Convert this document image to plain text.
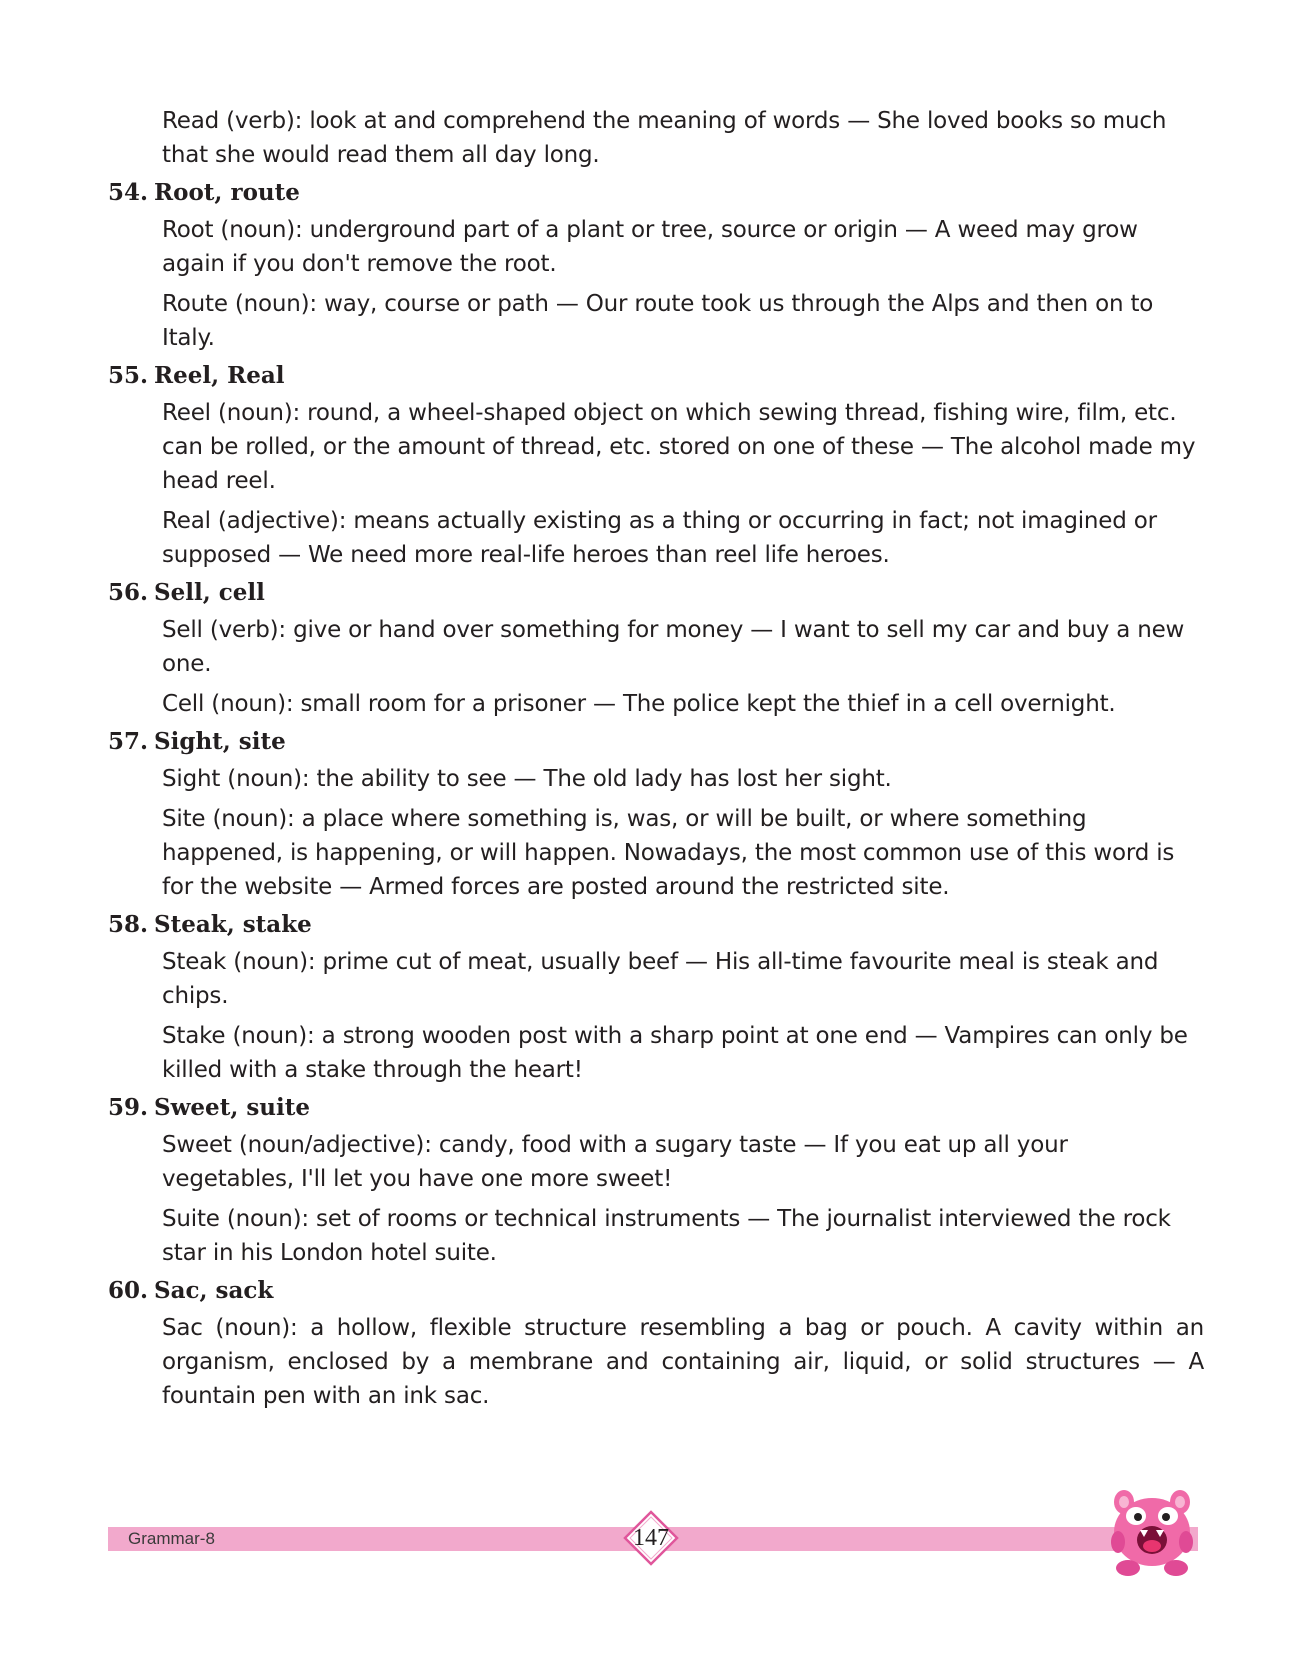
Read (verb): look at and comprehend the meaning of words — She loved books so much that she would read them all day long.

54. Root, route

Root (noun): underground part of a plant or tree, source or origin — A weed may grow again if you don't remove the root.

Route (noun): way, course or path — Our route took us through the Alps and then on to Italy.

55. Reel, Real

Reel (noun): round, a wheel-shaped object on which sewing thread, fishing wire, film, etc. can be rolled, or the amount of thread, etc. stored on one of these — The alcohol made my head reel.

Real (adjective): means actually existing as a thing or occurring in fact; not imagined or supposed — We need more real-life heroes than reel life heroes.

56. Sell, cell

Sell (verb): give or hand over something for money — I want to sell my car and buy a new one.

Cell (noun): small room for a prisoner — The police kept the thief in a cell overnight.

57. Sight, site

Sight (noun): the ability to see — The old lady has lost her sight.

Site (noun): a place where something is, was, or will be built, or where something happened, is happening, or will happen. Nowadays, the most common use of this word is for the website — Armed forces are posted around the restricted site.

58. Steak, stake

Steak (noun): prime cut of meat, usually beef — His all-time favourite meal is steak and chips.

Stake (noun): a strong wooden post with a sharp point at one end — Vampires can only be killed with a stake through the heart!

59. Sweet, suite

Sweet (noun/adjective): candy, food with a sugary taste — If you eat up all your vegetables, I'll let you have one more sweet!

Suite (noun): set of rooms or technical instruments — The journalist interviewed the rock star in his London hotel suite.

60. Sac, sack

Sac (noun): a hollow, flexible structure resembling a bag or pouch. A cavity within an organism, enclosed by a membrane and containing air, liquid, or solid structures — A fountain pen with an ink sac.

Grammar-8	147
